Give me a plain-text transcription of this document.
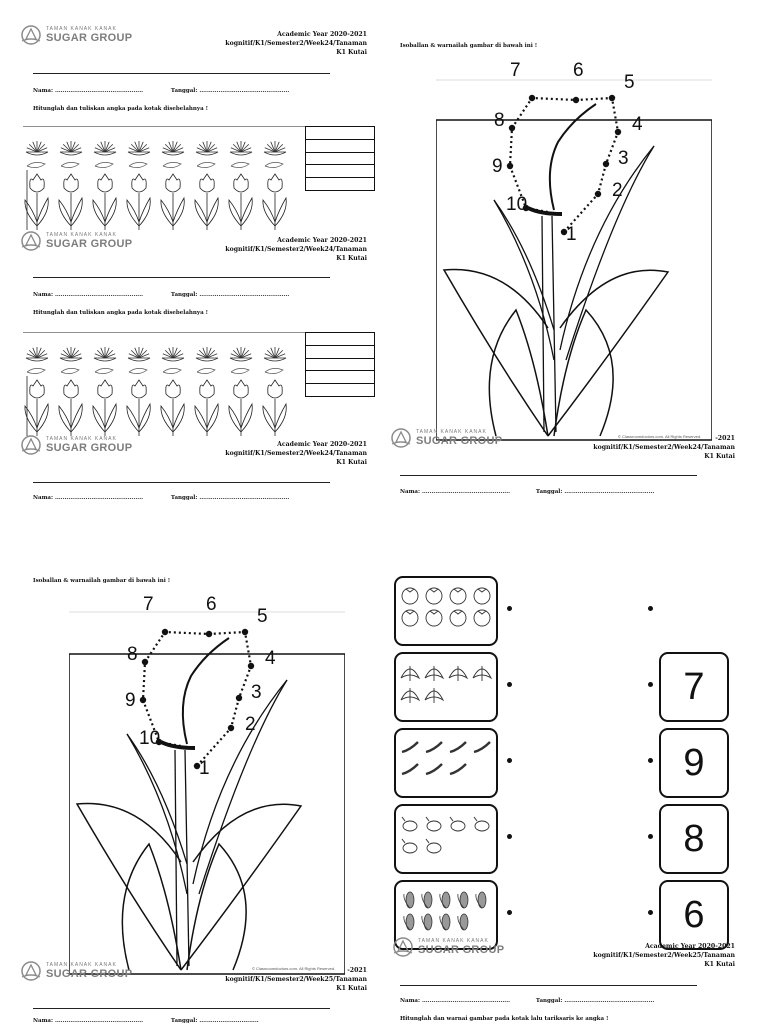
TAMAN KANAK KANAK
SUGAR GROUP	Academic Year 2020-2021
kognitif/K1/Semester2/Week24/Tanaman
K1 Kutai
Nama: ..............................................	Tanggal: ...............................................
Hitunglah dan tuliskan angka pada kotak disebelahnya !
TAMAN KANAK KANAK
SUGAR GROUP	Academic Year 2020-2021
kognitif/K1/Semester2/Week24/Tanaman
K1 Kutai
Nama: ..............................................	Tanggal: ...............................................
Hitunglah dan tuliskan angka pada kotak disebelahnya !
TAMAN KANAK KANAK
SUGAR GROUP	Academic Year 2020-2021
kognitif/K1/Semester2/Week24/Tanaman
K1 Kutai
Nama: ..............................................	Tanggal: ...............................................
Isoballan & warnailah gambar di bawah ini !
1
2
3
4
5
6
7
8
9
10
© Classroomdoctors.com. All Rights Reserved.
TAMAN KANAK KANAK
SUGAR GROUP	-2021
kognitif/K1/Semester2/Week24/Tanaman
K1 Kutai
Nama: ..............................................	Tanggal: ...............................................
Isoballan & warnailah gambar di bawah ini !
1
2
3
4
5
6
7
8
9
10
© Classroomdoctors.com. All Rights Reserved.
TAMAN KANAK KANAK
SUGAR GROUP	-2021
kognitif/K1/Semester2/Week25/Tanaman
K1 Kutai
Nama: ..............................................	Tanggal: ...............................
7
9
8
6
TAMAN KANAK KANAK
SUGAR GROUP	Academic Year 2020-2021
kognitif/K1/Semester2/Week25/Tanaman
K1 Kutai
Nama: ..............................................	Tanggal: ...............................................
Hitunglah dan warnai gambar pada kotak lalu tariksaris ke angka !
